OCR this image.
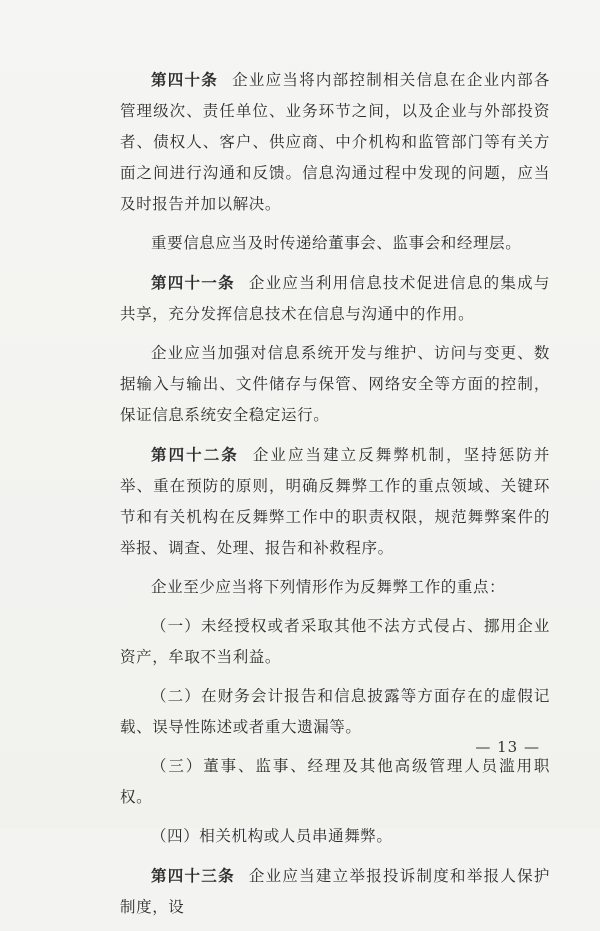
第四十条 企业应当将内部控制相关信息在企业内部各管理级次、责任单位、业务环节之间，以及企业与外部投资者、债权人、客户、供应商、中介机构和监管部门等有关方面之间进行沟通和反馈。信息沟通过程中发现的问题，应当及时报告并加以解决。

重要信息应当及时传递给董事会、监事会和经理层。

第四十一条 企业应当利用信息技术促进信息的集成与共享，充分发挥信息技术在信息与沟通中的作用。

企业应当加强对信息系统开发与维护、访问与变更、数据输入与输出、文件储存与保管、网络安全等方面的控制，保证信息系统安全稳定运行。

第四十二条 企业应当建立反舞弊机制，坚持惩防并举、重在预防的原则，明确反舞弊工作的重点领域、关键环节和有关机构在反舞弊工作中的职责权限，规范舞弊案件的举报、调查、处理、报告和补救程序。

企业至少应当将下列情形作为反舞弊工作的重点：

（一）未经授权或者采取其他不法方式侵占、挪用企业资产，牟取不当利益。

（二）在财务会计报告和信息披露等方面存在的虚假记载、误导性陈述或者重大遗漏等。

（三）董事、监事、经理及其他高级管理人员滥用职权。

（四）相关机构或人员串通舞弊。

第四十三条 企业应当建立举报投诉制度和举报人保护制度，设

— 13 —
